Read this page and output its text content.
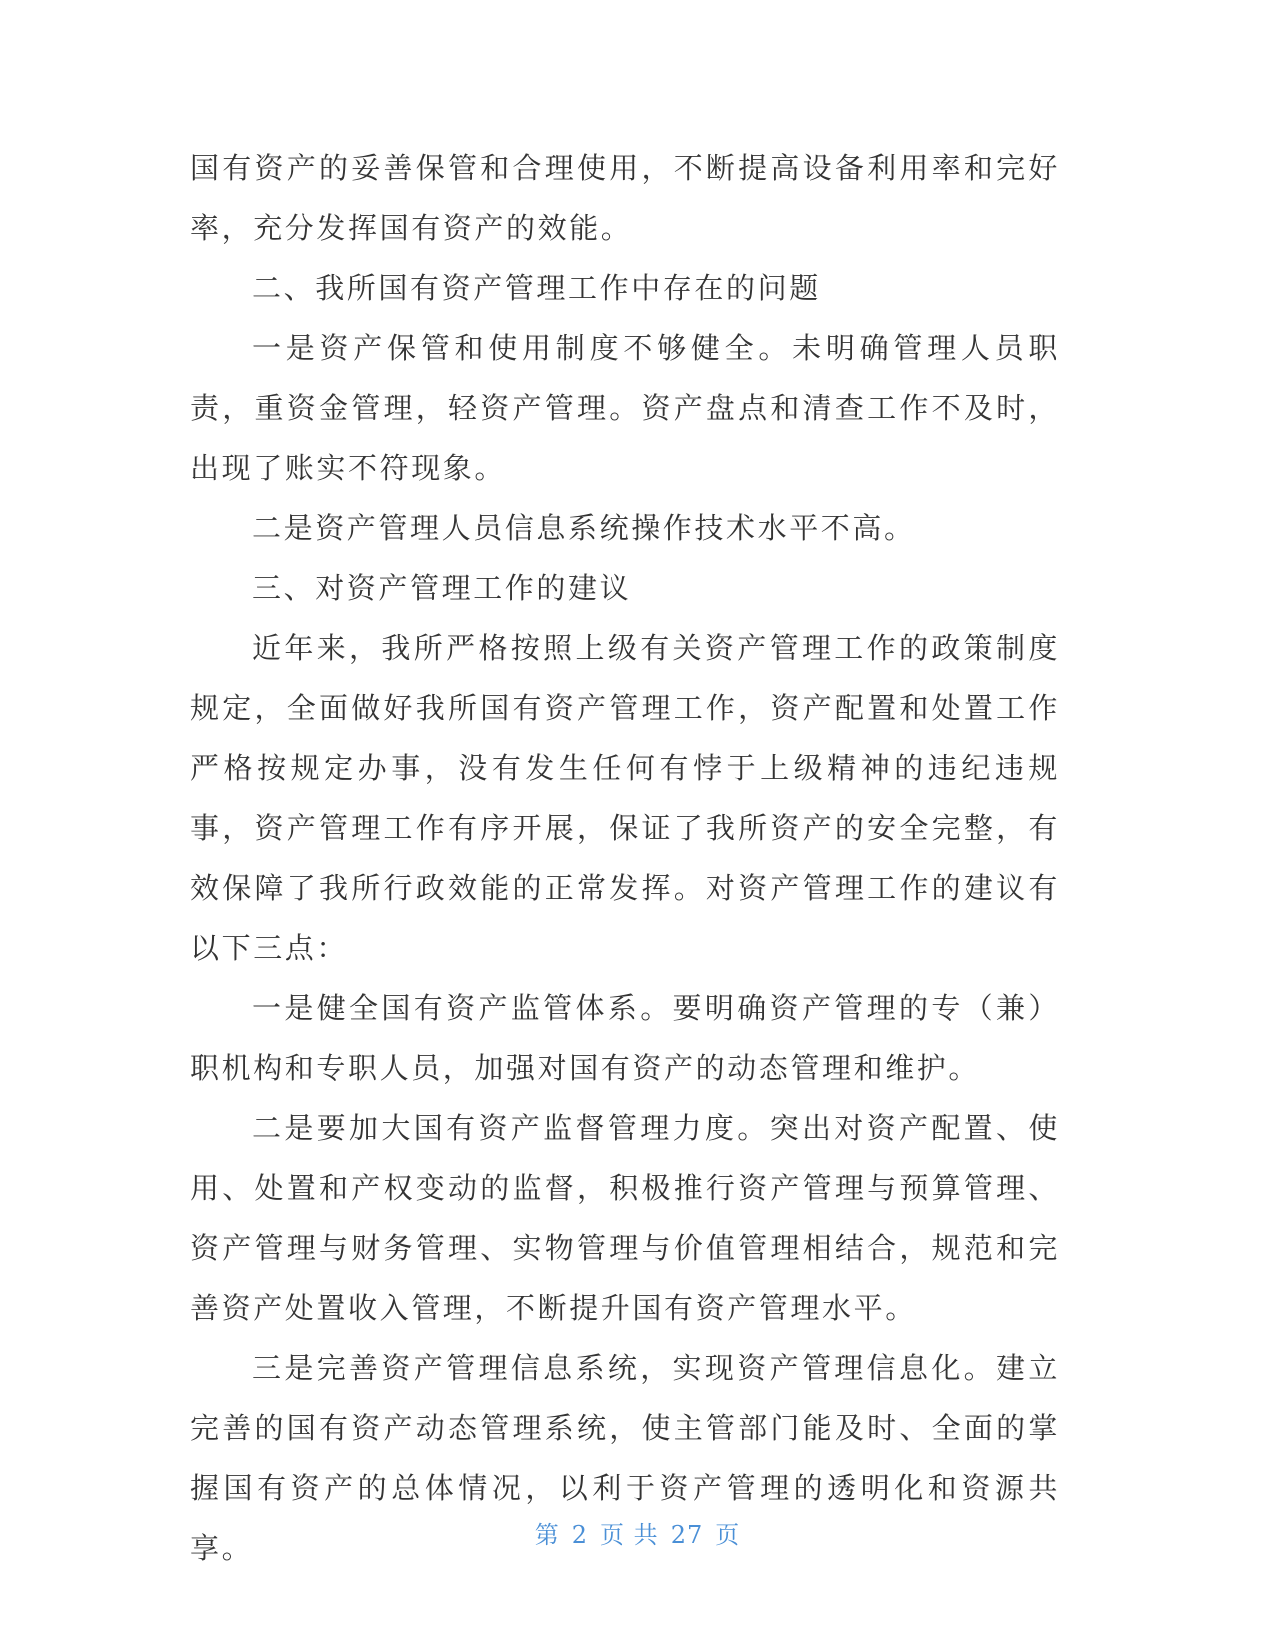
国有资产的妥善保管和合理使用，不断提高设备利用率和完好率，充分发挥国有资产的效能。

二、我所国有资产管理工作中存在的问题

一是资产保管和使用制度不够健全。未明确管理人员职责，重资金管理，轻资产管理。资产盘点和清查工作不及时，出现了账实不符现象。

二是资产管理人员信息系统操作技术水平不高。

三、对资产管理工作的建议

近年来，我所严格按照上级有关资产管理工作的政策制度规定，全面做好我所国有资产管理工作，资产配置和处置工作严格按规定办事，没有发生任何有悖于上级精神的违纪违规事，资产管理工作有序开展，保证了我所资产的安全完整，有效保障了我所行政效能的正常发挥。对资产管理工作的建议有以下三点：

一是健全国有资产监管体系。要明确资产管理的专（兼）职机构和专职人员，加强对国有资产的动态管理和维护。

二是要加大国有资产监督管理力度。突出对资产配置、使用、处置和产权变动的监督，积极推行资产管理与预算管理、资产管理与财务管理、实物管理与价值管理相结合，规范和完善资产处置收入管理，不断提升国有资产管理水平。

三是完善资产管理信息系统，实现资产管理信息化。建立完善的国有资产动态管理系统，使主管部门能及时、全面的掌握国有资产的总体情况，以利于资产管理的透明化和资源共享。	第 2 页 共 27 页
